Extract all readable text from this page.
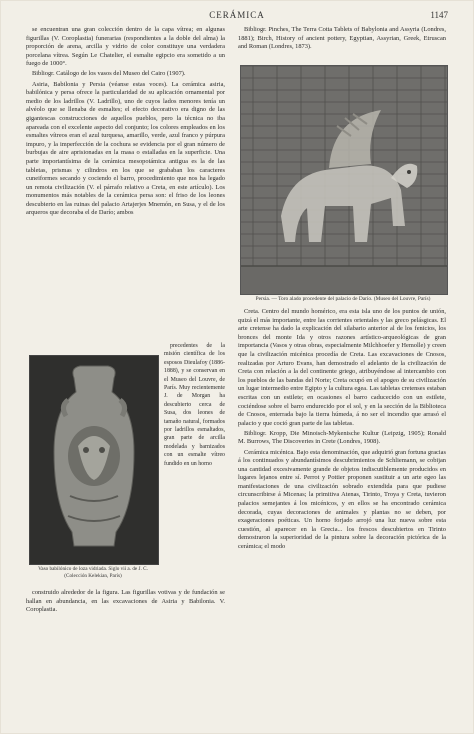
CERÁMICA	1147

se encuentran una gran colección dentro de la capa vítrea; en algunas figurillas (V. Coroplastia) funerarias (respondientes a la doble del alma) la proporción de arena, arcilla y vidrio de color constituye una verdadera porcelana vítrea. Según Le Chatelier, el esmalte egipcio era sometido a un fuego de 1000°.

Bibliogr. Catálogo de los vasos del Museo del Cairo (1907).

Asiria, Babilonia y Persia (véanse estas voces). La cerámica asiria, babilónica y persa ofrece la particularidad de su aplicación ornamental por medio de los ladrillos (V. Ladrillo), uno de cuyos lados menores tenía un alvéolo que se llenaba de esmaltes; el efecto decorativo era digno de las gigantescas construcciones de aquellos pueblos, pero la técnica no iba apareada con el excelente aspecto del conjunto; los colores empleados en los esmaltes vítreos eran el azul turquesa, amarillo, verde, azul franco y púrpura impuro, y la imperfección de la cochura se evidencia por el gran número de burbujas de aire aprisionadas en la masa o estalladas en la superficie. Una parte importantísima de la cerámica mesopotámica antigua es la de las tabletas, prismas y cilindros en los que se grababan los caracteres cuneiformes secando y cociendo el barro, procedimiento que nos ha legado un remota civilización (V. el párrafo relativo a Creta, en este artículo). Los monumentos más notables de la cerámica persa son: el friso de los leones descubierto en las ruinas del palacio Artajerjes Mnemón, en Susa, y el de los arqueros que decoraba el de Darío; ambos

Vaso babilónico de loza vidriada. Siglo vii a. de J. C. (Colección Kelekian, París)

precedentes de la misión científica de los esposos Dieulafoy (1886-1888), y se conservan en el Museo del Louvre, de París. Muy recientemente J. de Morgan ha descubierto cerca de Susa, dos leones de tamaño natural, formados por ladrillos esmaltados, gran parte de arcilla modelada y barnizados con un esmalte vítreo fundido en un horno

construido alrededor de la figura. Las figurillas votivas y de fundación se hallan en abundancia, en las excavaciones de Asiria y Babilonia. V. Coroplastia.

Bibliogr. Pinches, The Terra Cotta Tablets of Babylonia and Assyria (Londres, 1881); Birch, History of ancient pottery, Egyptian, Assyrian, Greek, Etruscan and Roman (Londres, 1873).

Persia. — Toro alado procedente del palacio de Darío. (Museo del Louvre, París)

Creta. Centro del mundo homérico, era esta isla uno de los puntos de unión, quizá el más importante, entre las corrientes orientales y las greco pelásgicas. El arte cretense ha dado la explicación del silabario anterior al de los fenicios, los bronces del monte Ida y otros razones artístico-arqueológicas de gran importancia (Vasos y otras obras, especialmente Milchhoefer y Hemolle) y creen que la civilización micénica procedía de Creta. Las excavaciones de Cnosos, realizadas por Arturo Evans, han demostrado el adelanto de la civilización de Creta con relación a la del continente griego, atribuyéndose al intercambio con los pueblos de las bandas del Norte; Creta ocupó en el apogeo de su civilización un lugar intermedio entre Egipto y la cultura egea. Las tabletas cretenses estaban escritas con un estilete; en ocasiones el barro caducecido con un estilete, cociéndose sobre el barro endurecido por el sol, y en la sección de la Biblioteca de Cnosos, enterrada bajo la tierra húmeda, á no ser el incendio que arrasó el palacio y que coció gran parte de las tabletas.

Bibliogr. Kropp, Die Minoisch-Mykenische Kultur (Leipzig, 1905); Ronald M. Burrows, The Discoveries in Crete (Londres, 1908).

Cerámica micénica. Bajo esta denominación, que adquirió gran fortuna gracias á los continuados y abundantísimos descubrimientos de Schliemann, se cobijan una cantidad excesivamente grande de objetos indiscutiblemente producidos en lugares lejanos entre sí. Perrot y Pottier proponen sustituir a un arte egeo las manifestaciones de una civilización sobrado extendida para que pudiese circunscribirse á Micenas; la primitiva Atenas, Tirinto, Troya y Creta, tuvieron palacios semejantes á los micénicos, y en ellos se ha encontrado cerámica decorada, cuyas decoraciones de animales y plantas no se deben, por exageraciones poéticas. Un horno forjado arrojó una luz nueva sobre esta cuestión, al aparecer en la Grecia... los frescos descubiertos en Tirinto demostraron la superioridad de la pintura sobre la decoración pictórica de la cerámica; el modo
